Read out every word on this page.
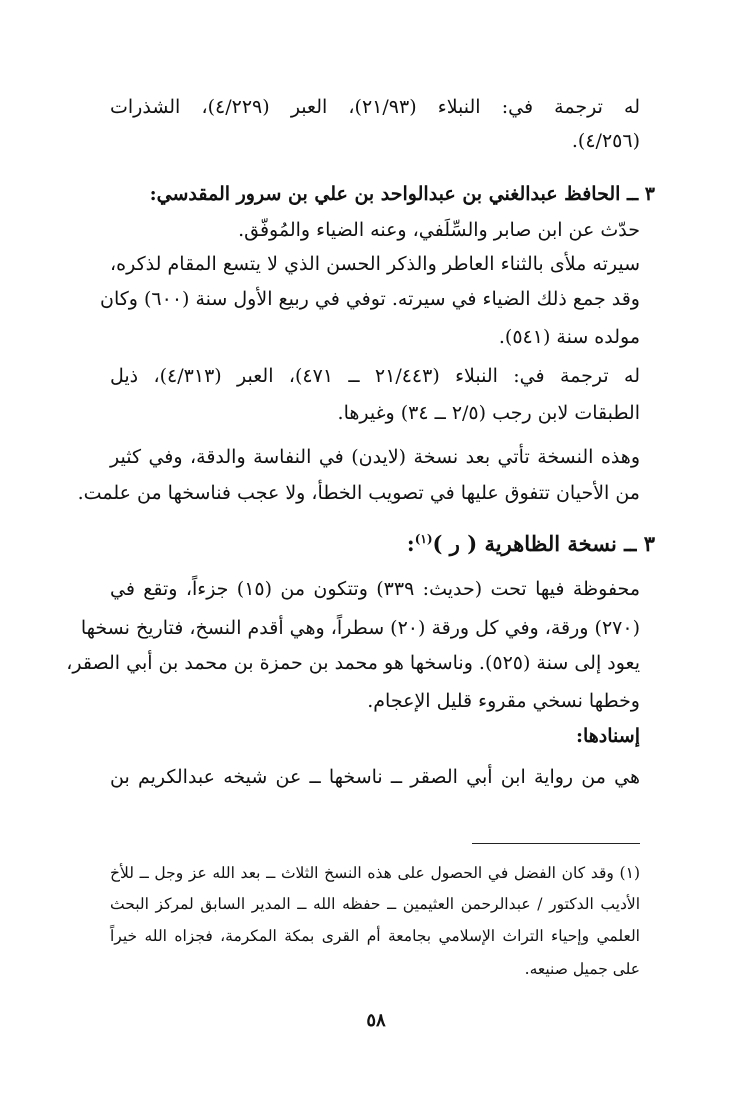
له ترجمة في: النبلاء (٢١/٩٣)، العبر (٤/٢٢٩)، الشذرات
(٤/٢٥٦).
٣ ــ الحافظ عبدالغني بن عبدالواحد بن علي بن سرور المقدسي:
حدّث عن ابن صابر والسِّلَفي، وعنه الضياء والمُوفّق.
سيرته ملأى بالثناء العاطر والذكر الحسن الذي لا يتسع المقام لذكره،
وقد جمع ذلك الضياء في سيرته. توفي في ربيع الأول سنة (٦٠٠) وكان
مولده سنة (٥٤١).
له ترجمة في: النبلاء (٢١/٤٤٣ ــ ٤٧١)، العبر (٤/٣١٣)، ذيل
الطبقات لابن رجب (٢/٥ ــ ٣٤) وغيرها.
وهذه النسخة تأتي بعد نسخة (لايدن) في النفاسة والدقة، وفي كثير
من الأحيان تتفوق عليها في تصويب الخطأ، ولا عجب فناسخها من علمت.
٣ ــ نسخة الظاهرية ( ر )$^{(١)}$:
محفوظة فيها تحت (حديث: ٣٣٩) وتتكون من (١٥) جزءاً، وتقع في
(٢٧٠) ورقة، وفي كل ورقة (٢٠) سطراً، وهي أقدم النسخ، فتاريخ نسخها
يعود إلى سنة (٥٢٥). وناسخها هو محمد بن حمزة بن محمد بن أبي الصقر،
وخطها نسخي مقروء قليل الإعجام.
إسنادها:
هي من رواية ابن أبي الصقر ــ ناسخها ــ عن شيخه عبدالكريم بن
(١) وقد كان الفضل في الحصول على هذه النسخ الثلاث ــ بعد الله عز وجل ــ للأخ
الأديب الدكتور / عبدالرحمن العثيمين ــ حفظه الله ــ المدير السابق لمركز البحث
العلمي وإحياء التراث الإسلامي بجامعة أم القرى بمكة المكرمة، فجزاه الله خيراً
على جميل صنيعه.
٥٨
